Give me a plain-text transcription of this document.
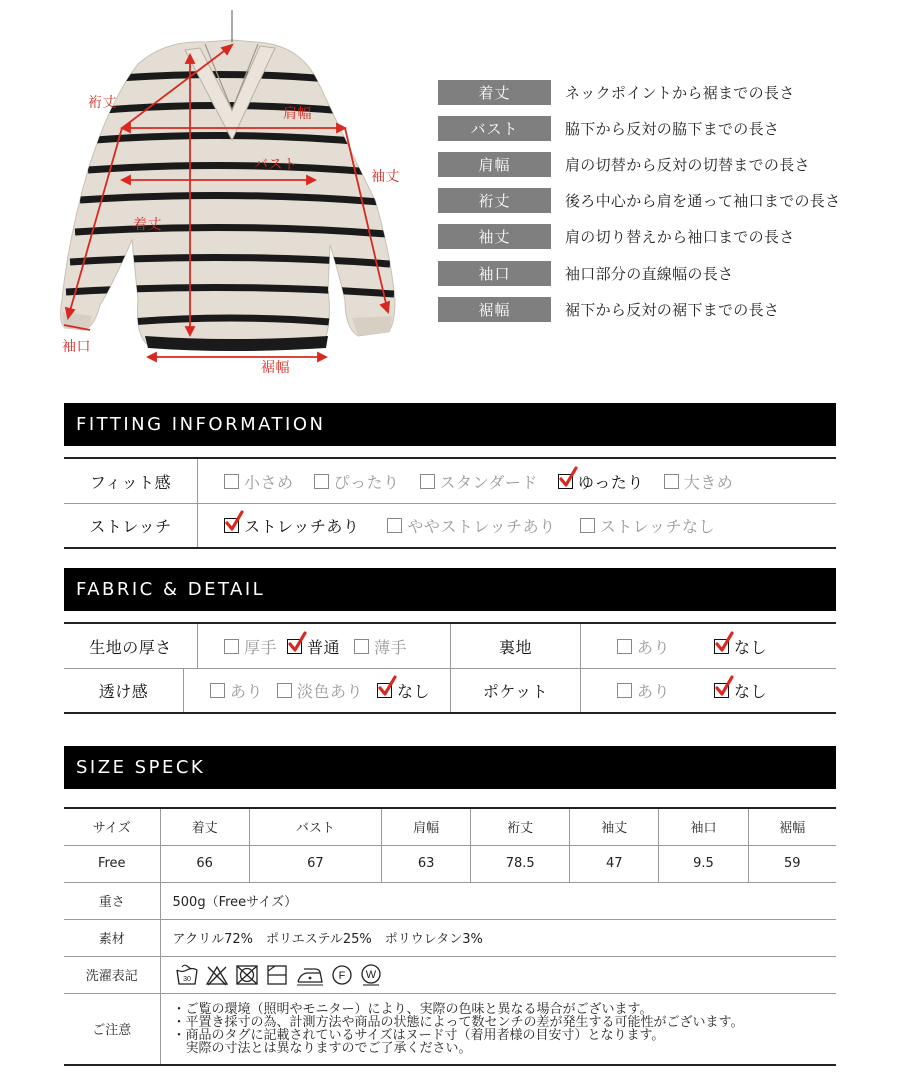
裄丈
肩幅
バスト
袖丈
着丈
袖口
裾幅
着丈	ネックポイントから裾までの長さ
バスト	脇下から反対の脇下までの長さ
肩幅	肩の切替から反対の切替までの長さ
裄丈	後ろ中心から肩を通って袖口までの長さ
袖丈	肩の切り替えから袖口までの長さ
袖口	袖口部分の直線幅の長さ
裾幅	裾下から反対の裾下までの長さ
FITTING INFORMATION
フィット感	小さめ	ぴったり	スタンダード	ゆったり	大きめ
ストレッチ	ストレッチあり	ややストレッチあり	ストレッチなし
FABRIC & DETAIL
生地の厚さ	厚手 普通 薄手	裏地	あり	なし
透け感	あり 淡色あり なし	ポケット	あり	なし
SIZE SPECK
サイズ	着丈	バスト	肩幅	裄丈	袖丈	袖口	裾幅
Free	66	67	63	78.5	47	9.5	59
重さ	500g（Freeサイズ）						
素材	アクリル72%　ポリエステル25%　ポリウレタン3%						
洗濯表記	30 F W						

ご注意	・ご覧の環境（照明やモニター）により、実際の色味と異なる場合がございます。
・平置き採寸の為、計測方法や商品の状態によって数センチの差が発生する可能性がございます。
・商品のタグに記載されているサイズはヌード寸（着用者様の目安寸）となります。
　実際の寸法とは異なりますのでご了承ください。						
